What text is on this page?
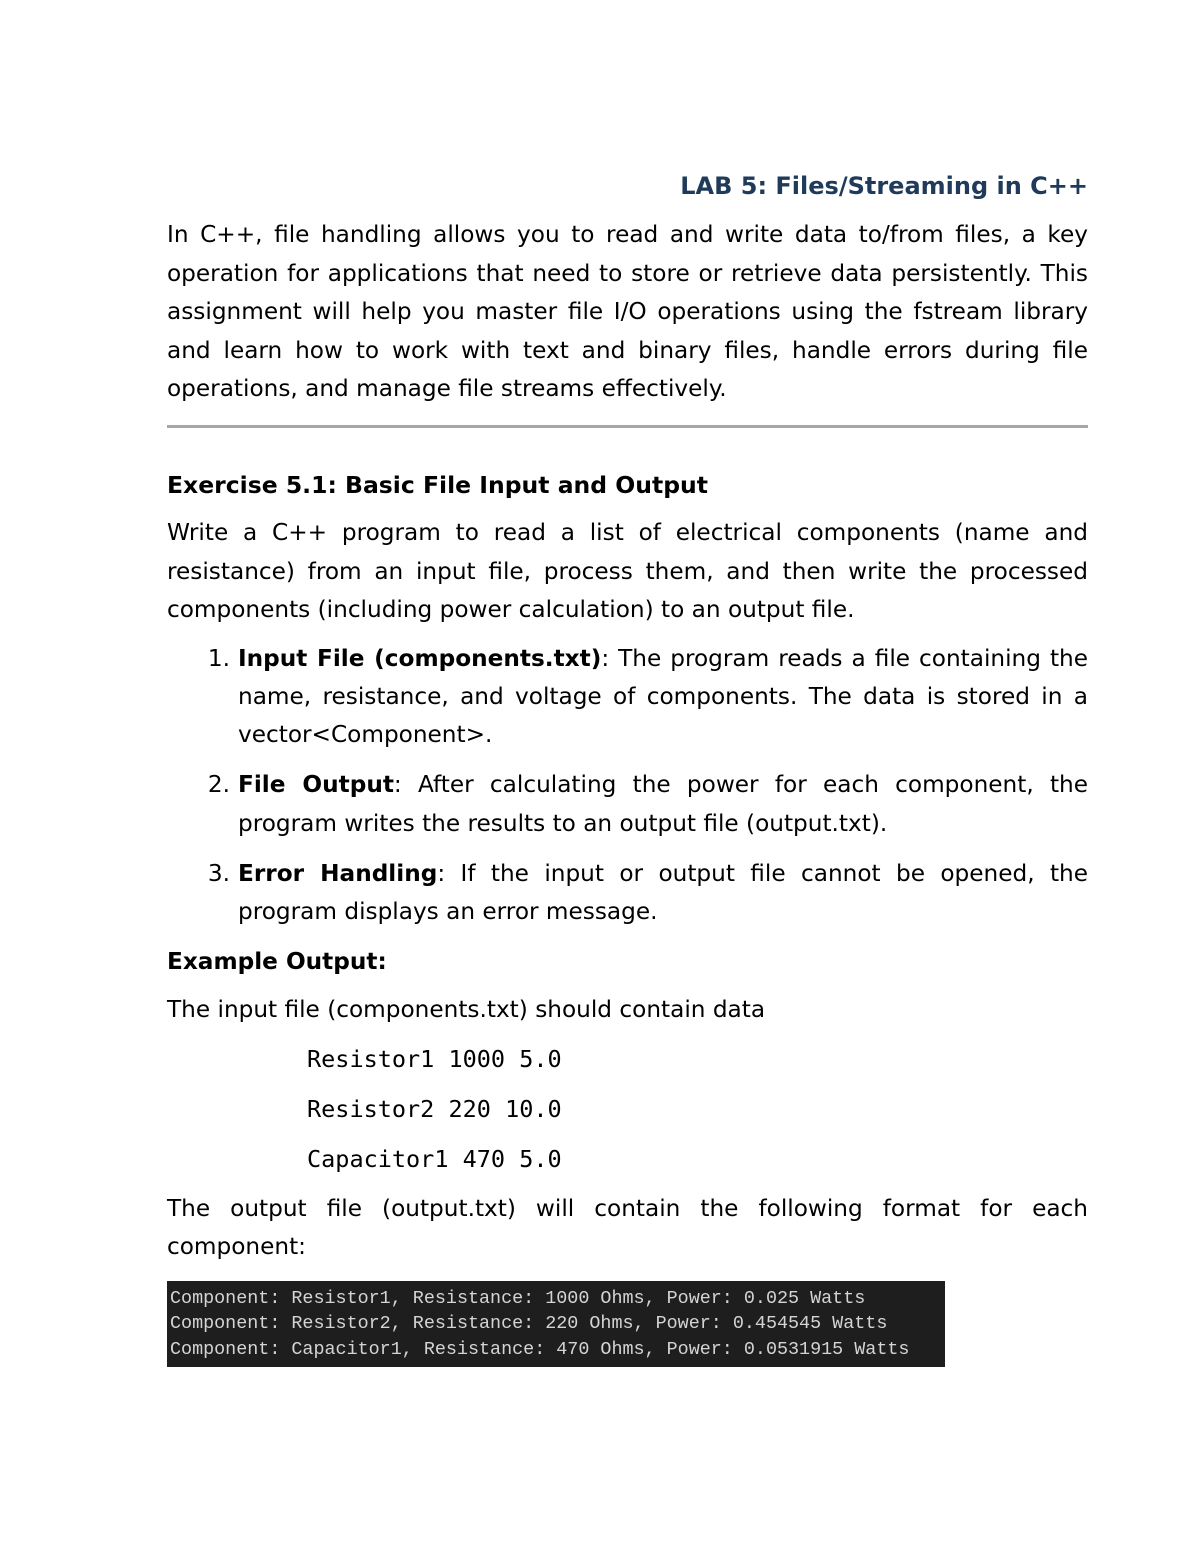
LAB 5: Files/Streaming in C++

In C++, file handling allows you to read and write data to/from files, a key operation for applications that need to store or retrieve data persistently. This assignment will help you master file I/O operations using the fstream library and learn how to work with text and binary files, handle errors during file operations, and manage file streams effectively.

Exercise 5.1: Basic File Input and Output

Write a C++ program to read a list of electrical components (name and resistance) from an input file, process them, and then write the processed components (including power calculation) to an output file.

1. Input File (components.txt): The program reads a file containing the name, resistance, and voltage of components. The data is stored in a vector<Component>.
2. File Output: After calculating the power for each component, the program writes the results to an output file (output.txt).
3. Error Handling: If the input or output file cannot be opened, the program displays an error message.
Example Output:

The input file (components.txt) should contain data

Resistor1 1000 5.0
Resistor2 220 10.0
Capacitor1 470 5.0

The output file (output.txt) will contain the following format for each component:

Component: Resistor1, Resistance: 1000 Ohms, Power: 0.025 Watts
Component: Resistor2, Resistance: 220 Ohms, Power: 0.454545 Watts
Component: Capacitor1, Resistance: 470 Ohms, Power: 0.0531915 Watts
